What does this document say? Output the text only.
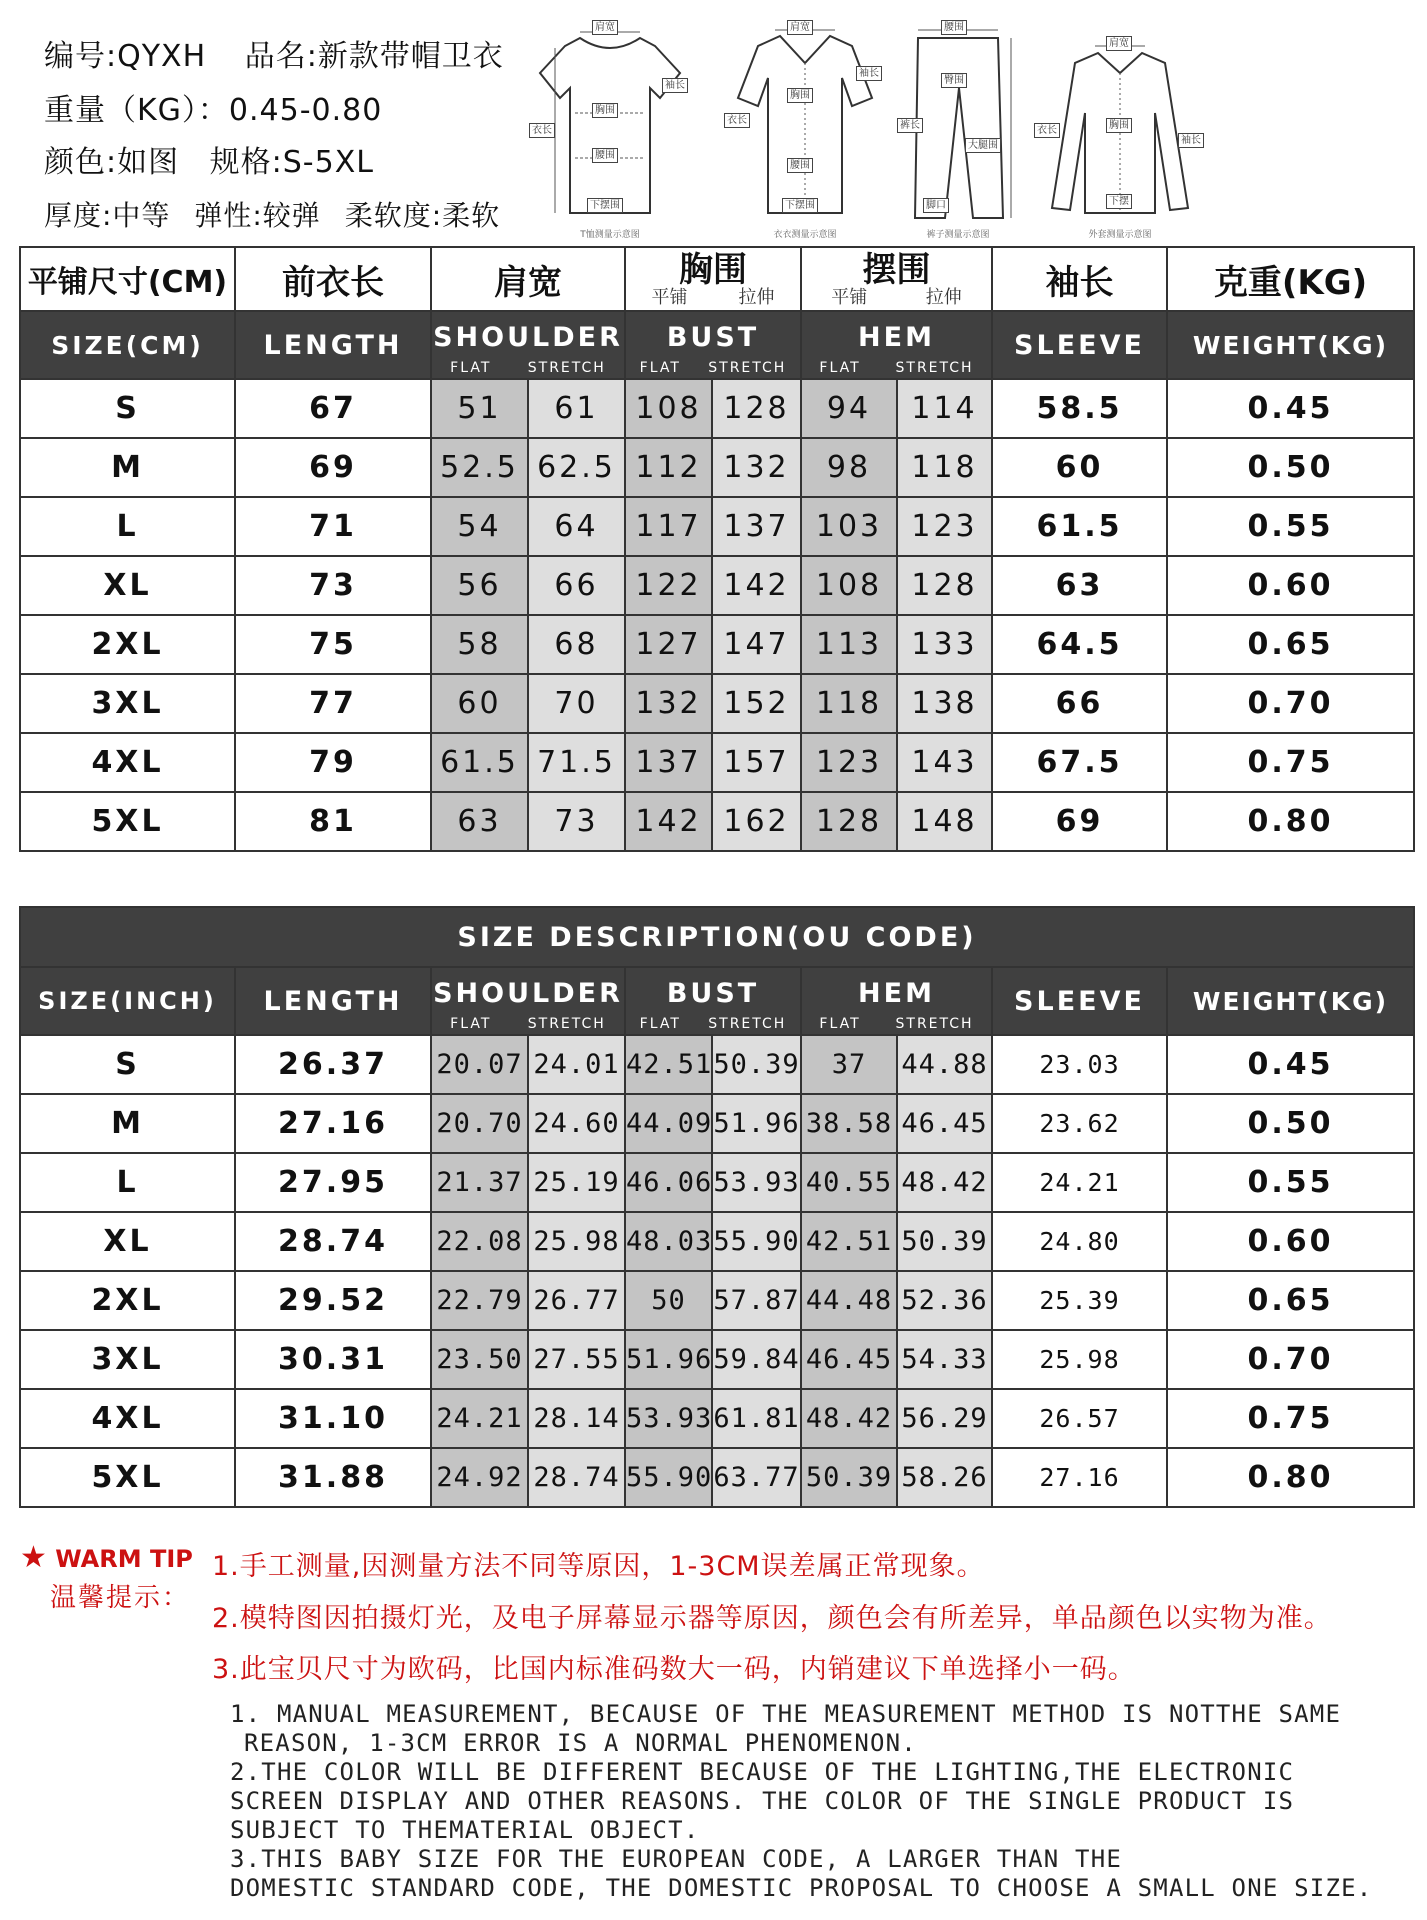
编号:QYXH 品名:新款带帽卫衣
重量（KG）：0.45-0.80
颜色:如图 规格:S-5XL
厚度:中等 弹性:较弹 柔软度:柔软
肩宽
袖长
衣长
胸围
腰围
下摆围
T恤测量示意图
肩宽
袖长
衣长
胸围
腰围
下摆围
衣衣测量示意图
腰围
臀围
裤长
大腿围
脚口
裤子测量示意图
肩宽
衣长
袖长
胸围
下摆
外套测量示意图
平铺尺寸(CM)	前衣长	肩宽		胸围
平铺 拉伸		摆围
平铺 拉伸		袖长	克重(KG)
SIZE(CM)	LENGTH	SHOULDER
FLAT STRETCH		BUST
FLAT STRETCH		HEM
FLAT STRETCH		SLEEVE	WEIGHT(KG)
S	67	51	61	108	128	94	114	58.5	0.45
M	69	52.5	62.5	112	132	98	118	60	0.50
L	71	54	64	117	137	103	123	61.5	0.55
XL	73	56	66	122	142	108	128	63	0.60
2XL	75	58	68	127	147	113	133	64.5	0.65
3XL	77	60	70	132	152	118	138	66	0.70
4XL	79	61.5	71.5	137	157	123	143	67.5	0.75
5XL	81	63	73	142	162	128	148	69	0.80
SIZE DESCRIPTION(OU CODE)									
SIZE(INCH)	LENGTH	SHOULDER
FLAT STRETCH		BUST
FLAT STRETCH		HEM
FLAT STRETCH		SLEEVE	WEIGHT(KG)
S	26.37	20.07	24.01	42.51	50.39	37	44.88	23.03	0.45
M	27.16	20.70	24.60	44.09	51.96	38.58	46.45	23.62	0.50
L	27.95	21.37	25.19	46.06	53.93	40.55	48.42	24.21	0.55
XL	28.74	22.08	25.98	48.03	55.90	42.51	50.39	24.80	0.60
2XL	29.52	22.79	26.77	50	57.87	44.48	52.36	25.39	0.65
3XL	30.31	23.50	27.55	51.96	59.84	46.45	54.33	25.98	0.70
4XL	31.10	24.21	28.14	53.93	61.81	48.42	56.29	26.57	0.75
5XL	31.88	24.92	28.74	55.90	63.77	50.39	58.26	27.16	0.80
★ WARM TIP
温馨提示：
1.手工测量,因测量方法不同等原因，1-3CM误差属正常现象。
2.模特图因拍摄灯光，及电子屏幕显示器等原因，颜色会有所差异，单品颜色以实物为准。
3.此宝贝尺寸为欧码，比国内标准码数大一码，内销建议下单选择小一码。
1. MANUAL MEASUREMENT, BECAUSE OF THE MEASUREMENT METHOD IS NOTTHE SAME
REASON, 1-3CM ERROR IS A NORMAL PHENOMENON.
2.THE COLOR WILL BE DIFFERENT BECAUSE OF THE LIGHTING,THE ELECTRONIC
SCREEN DISPLAY AND OTHER REASONS. THE COLOR OF THE SINGLE PRODUCT IS
SUBJECT TO THEMATERIAL OBJECT.
3.THIS BABY SIZE FOR THE EUROPEAN CODE, A LARGER THAN THE
DOMESTIC STANDARD CODE, THE DOMESTIC PROPOSAL TO CHOOSE A SMALL ONE SIZE.
